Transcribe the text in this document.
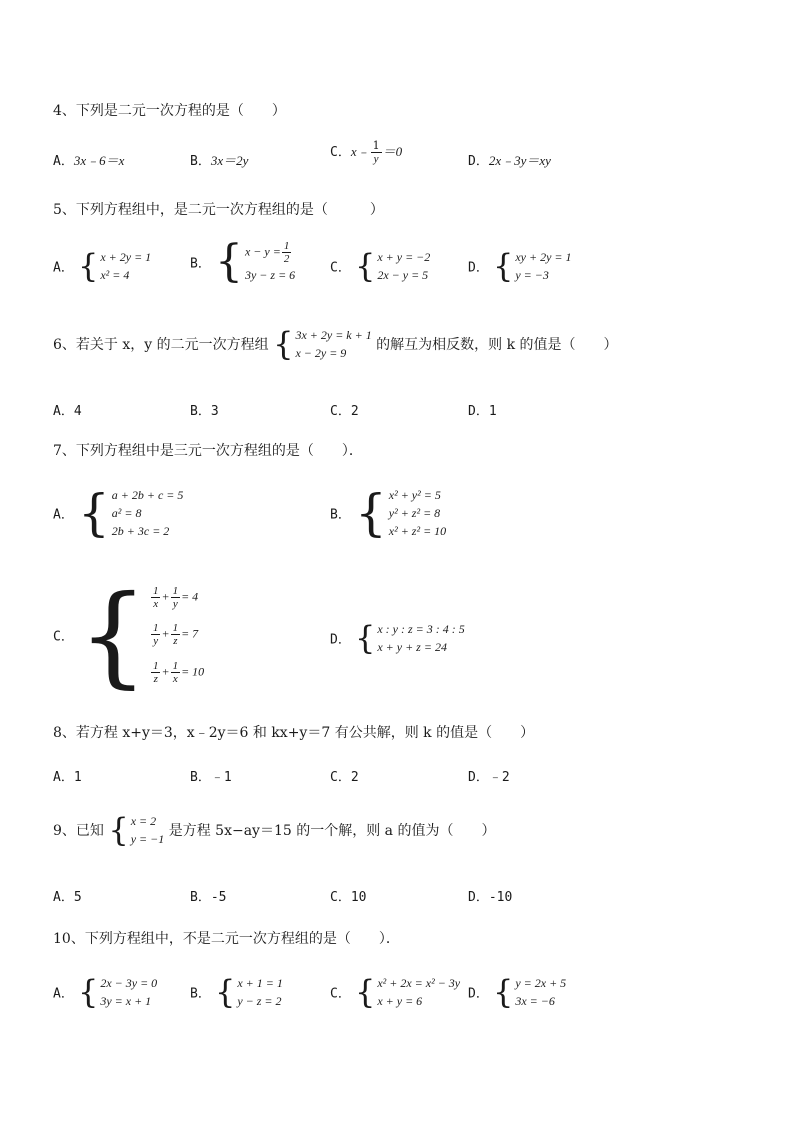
4、下列是二元一次方程的是（　　）
A．3x﹣6＝x	B．3x＝2y
C．x﹣ $\frac{1}{y} =0$
D．2x﹣3y＝xy
5、下列方程组中，是二元一次方程组的是（　　　）
A． { x + 2y = 1
x² = 4
B． { $x - y = \frac{1}{2}$
3y − z = 6	C． { x + y = −2
2x − y = 5	D． { xy + 2y = 1
y = −3
6、若关于 x，y 的二元一次方程组 { 3x + 2y = k + 1
x − 2y = 9	的解互为相反数，则 k 的值是（　　）
A．4	B．3	C．2	D．1
7、下列方程组中是三元一次方程组的是（　　）．
A． { a + 2b + c = 5
a² = 8
2b + 3c = 2
B． { x² + y² = 5
y² + z² = 8
x² + z² = 10
C． { $\frac{1}{x} + \frac{1}{y} = 4$
$\frac{1}{y} + \frac{1}{z} = 7$
$\frac{1}{z} + \frac{1}{x} = 10$
D． { x : y : z = 3 : 4 : 5
x + y + z = 24
8、若方程 x+y＝3，x﹣2y＝6 和 kx+y＝7 有公共解，则 k 的值是（　　）
A．1	B．﹣1	C．2	D．﹣2
9、已知 { x = 2
y = −1 是方程 5x−ay＝15 的一个解，则 a 的值为（　　）
A．5	B．-5	C．10	D．-10
10、下列方程组中，不是二元一次方程组的是（　　）．
A． { 2x − 3y = 0
3y = x + 1	B． { x + 1 = 1
y − z = 2	C． { x² + 2x = x² − 3y
x + y = 6	D． { y = 2x + 5
3x = −6
